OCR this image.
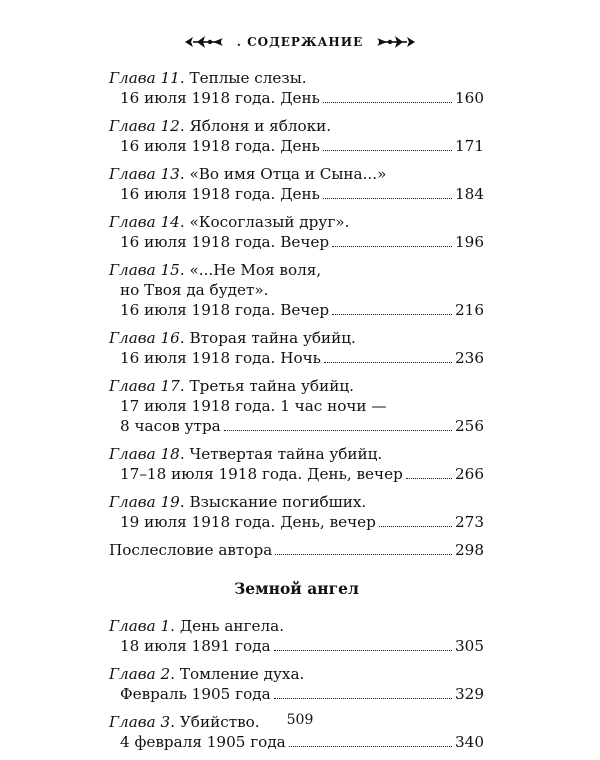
. СОДЕРЖАНИЕ
Глава 11 . Теплые слезы.
16 июля 1918 года. День	160
Глава 12 . Яблоня и яблоки.
16 июля 1918 года. День	171
Глава 13 . «Во имя Отца и Сына...»
16 июля 1918 года. День	184
Глава 14 . «Косоглазый друг».
16 июля 1918 года. Вечер	196
Глава 15 . «...Не Моя воля,
но Твоя да будет».
16 июля 1918 года. Вечер	216
Глава 16 . Вторая тайна убийц.
16 июля 1918 года. Ночь	236
Глава 17 . Третья тайна убийц.
17 июля 1918 года. 1 час ночи —
8 часов утра	256
Глава 18 . Четвертая тайна убийц.
17–18 июля 1918 года. День, вечер	266
Глава 19 . Взыскание погибших.
19 июля 1918 года. День, вечер	273
Послесловие автора	298
Земной ангел
Глава 1 . День ангела.
18 июля 1891 года	305
Глава 2 . Томление духа.
Февраль 1905 года	329
Глава 3 . Убийство.
4 февраля 1905 года	340
509
